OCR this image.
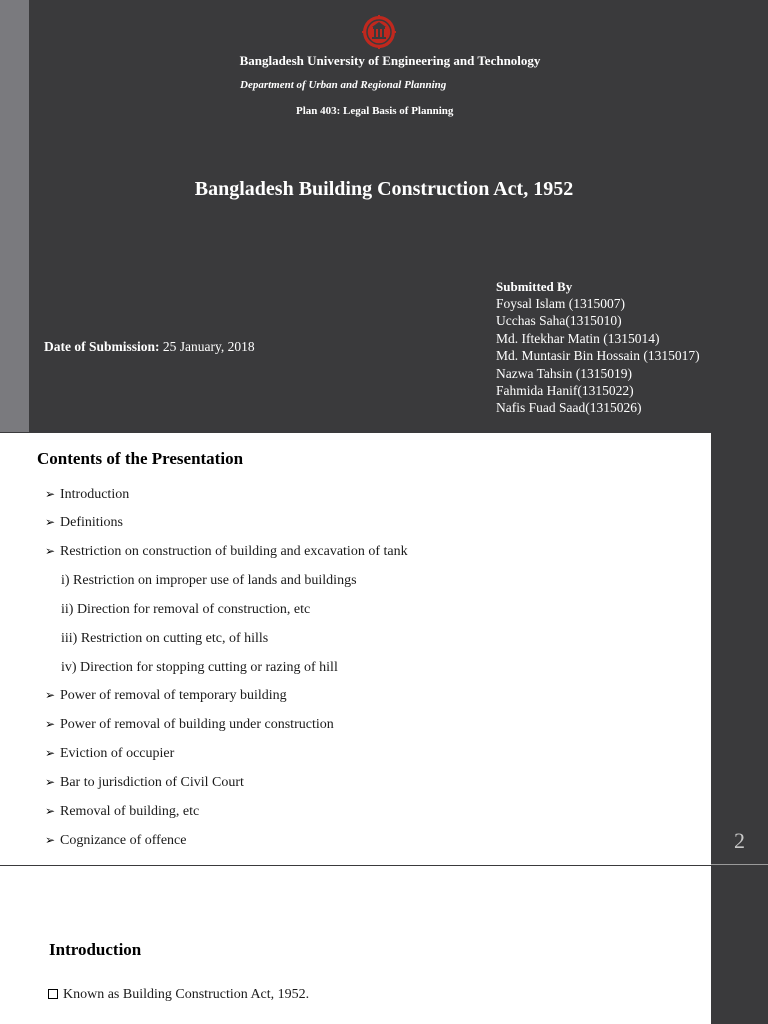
Bangladesh University of Engineering and Technology
Department of Urban and Regional Planning
Plan 403: Legal Basis of Planning
Bangladesh Building Construction Act, 1952
Submitted By
Foysal Islam (1315007)
Ucchas Saha(1315010)
Md. Iftekhar Matin (1315014)
Md. Muntasir Bin Hossain (1315017)
Nazwa Tahsin (1315019)
Fahmida Hanif(1315022)
Nafis Fuad Saad(1315026)
Date of Submission: 25 January, 2018
2
Contents of the Presentation
➢ Introduction
➢ Definitions
➢ Restriction on construction of building and excavation of tank
i) Restriction on improper use of lands and buildings
ii) Direction for removal of construction, etc
iii) Restriction on cutting etc, of hills
iv) Direction for stopping cutting or razing of hill
➢ Power of removal of temporary building
➢ Power of removal of building under construction
➢ Eviction of occupier
➢ Bar to jurisdiction of Civil Court
➢ Removal of building, etc
➢ Cognizance of offence
Introduction
Known as Building Construction Act, 1952.
